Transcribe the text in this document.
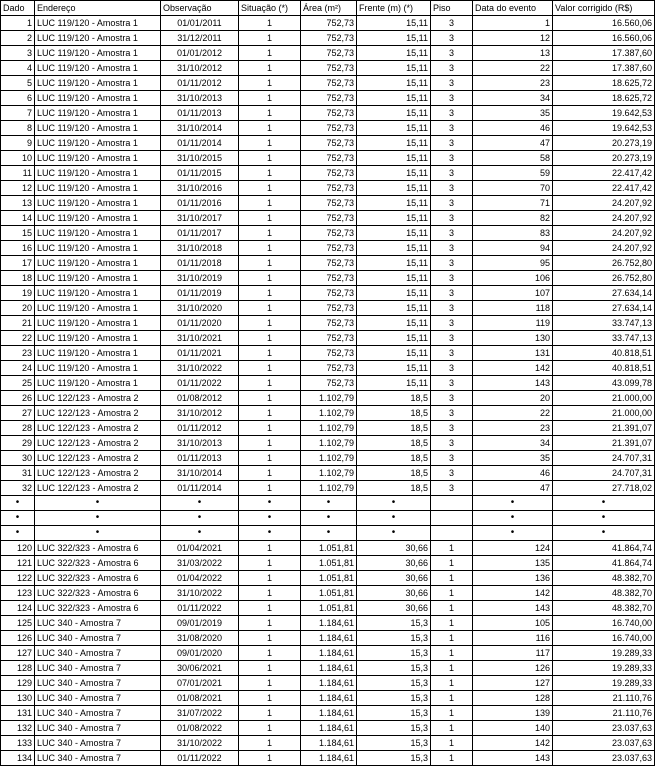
Dado	Endereço	Observação	Situação (*)	Área (m²)	Frente (m) (*)	Piso	Data do evento	Valor corrigido (R$)
1	LUC 119/120 - Amostra 1	01/01/2011	1	752,73	15,11	3	1	16.560,06
2	LUC 119/120 - Amostra 1	31/12/2011	1	752,73	15,11	3	12	16.560,06
3	LUC 119/120 - Amostra 1	01/01/2012	1	752,73	15,11	3	13	17.387,60
4	LUC 119/120 - Amostra 1	31/10/2012	1	752,73	15,11	3	22	17.387,60
5	LUC 119/120 - Amostra 1	01/11/2012	1	752,73	15,11	3	23	18.625,72
6	LUC 119/120 - Amostra 1	31/10/2013	1	752,73	15,11	3	34	18.625,72
7	LUC 119/120 - Amostra 1	01/11/2013	1	752,73	15,11	3	35	19.642,53
8	LUC 119/120 - Amostra 1	31/10/2014	1	752,73	15,11	3	46	19.642,53
9	LUC 119/120 - Amostra 1	01/11/2014	1	752,73	15,11	3	47	20.273,19
10	LUC 119/120 - Amostra 1	31/10/2015	1	752,73	15,11	3	58	20.273,19
11	LUC 119/120 - Amostra 1	01/11/2015	1	752,73	15,11	3	59	22.417,42
12	LUC 119/120 - Amostra 1	31/10/2016	1	752,73	15,11	3	70	22.417,42
13	LUC 119/120 - Amostra 1	01/11/2016	1	752,73	15,11	3	71	24.207,92
14	LUC 119/120 - Amostra 1	31/10/2017	1	752,73	15,11	3	82	24.207,92
15	LUC 119/120 - Amostra 1	01/11/2017	1	752,73	15,11	3	83	24.207,92
16	LUC 119/120 - Amostra 1	31/10/2018	1	752,73	15,11	3	94	24.207,92
17	LUC 119/120 - Amostra 1	01/11/2018	1	752,73	15,11	3	95	26.752,80
18	LUC 119/120 - Amostra 1	31/10/2019	1	752,73	15,11	3	106	26.752,80
19	LUC 119/120 - Amostra 1	01/11/2019	1	752,73	15,11	3	107	27.634,14
20	LUC 119/120 - Amostra 1	31/10/2020	1	752,73	15,11	3	118	27.634,14
21	LUC 119/120 - Amostra 1	01/11/2020	1	752,73	15,11	3	119	33.747,13
22	LUC 119/120 - Amostra 1	31/10/2021	1	752,73	15,11	3	130	33.747,13
23	LUC 119/120 - Amostra 1	01/11/2021	1	752,73	15,11	3	131	40.818,51
24	LUC 119/120 - Amostra 1	31/10/2022	1	752,73	15,11	3	142	40.818,51
25	LUC 119/120 - Amostra 1	01/11/2022	1	752,73	15,11	3	143	43.099,78
26	LUC 122/123 - Amostra 2	01/08/2012	1	1.102,79	18,5	3	20	21.000,00
27	LUC 122/123 - Amostra 2	31/10/2012	1	1.102,79	18,5	3	22	21.000,00
28	LUC 122/123 - Amostra 2	01/11/2012	1	1.102,79	18,5	3	23	21.391,07
29	LUC 122/123 - Amostra 2	31/10/2013	1	1.102,79	18,5	3	34	21.391,07
30	LUC 122/123 - Amostra 2	01/11/2013	1	1.102,79	18,5	3	35	24.707,31
31	LUC 122/123 - Amostra 2	31/10/2014	1	1.102,79	18,5	3	46	24.707,31
32	LUC 122/123 - Amostra 2	01/11/2014	1	1.102,79	18,5	3	47	27.718,02
•	•	•	•	•	•		•	•
•	•	•	•	•	•		•	•
•	•	•	•	•	•		•	•
120	LUC 322/323 - Amostra 6	01/04/2021	1	1.051,81	30,66	1	124	41.864,74
121	LUC 322/323 - Amostra 6	31/03/2022	1	1.051,81	30,66	1	135	41.864,74
122	LUC 322/323 - Amostra 6	01/04/2022	1	1.051,81	30,66	1	136	48.382,70
123	LUC 322/323 - Amostra 6	31/10/2022	1	1.051,81	30,66	1	142	48.382,70
124	LUC 322/323 - Amostra 6	01/11/2022	1	1.051,81	30,66	1	143	48.382,70
125	LUC 340 - Amostra 7	09/01/2019	1	1.184,61	15,3	1	105	16.740,00
126	LUC 340 - Amostra 7	31/08/2020	1	1.184,61	15,3	1	116	16.740,00
127	LUC 340 - Amostra 7	09/01/2020	1	1.184,61	15,3	1	117	19.289,33
128	LUC 340 - Amostra 7	30/06/2021	1	1.184,61	15,3	1	126	19.289,33
129	LUC 340 - Amostra 7	07/01/2021	1	1.184,61	15,3	1	127	19.289,33
130	LUC 340 - Amostra 7	01/08/2021	1	1.184,61	15,3	1	128	21.110,76
131	LUC 340 - Amostra 7	31/07/2022	1	1.184,61	15,3	1	139	21.110,76
132	LUC 340 - Amostra 7	01/08/2022	1	1.184,61	15,3	1	140	23.037,63
133	LUC 340 - Amostra 7	31/10/2022	1	1.184,61	15,3	1	142	23.037,63
134	LUC 340 - Amostra 7	01/11/2022	1	1.184,61	15,3	1	143	23.037,63
